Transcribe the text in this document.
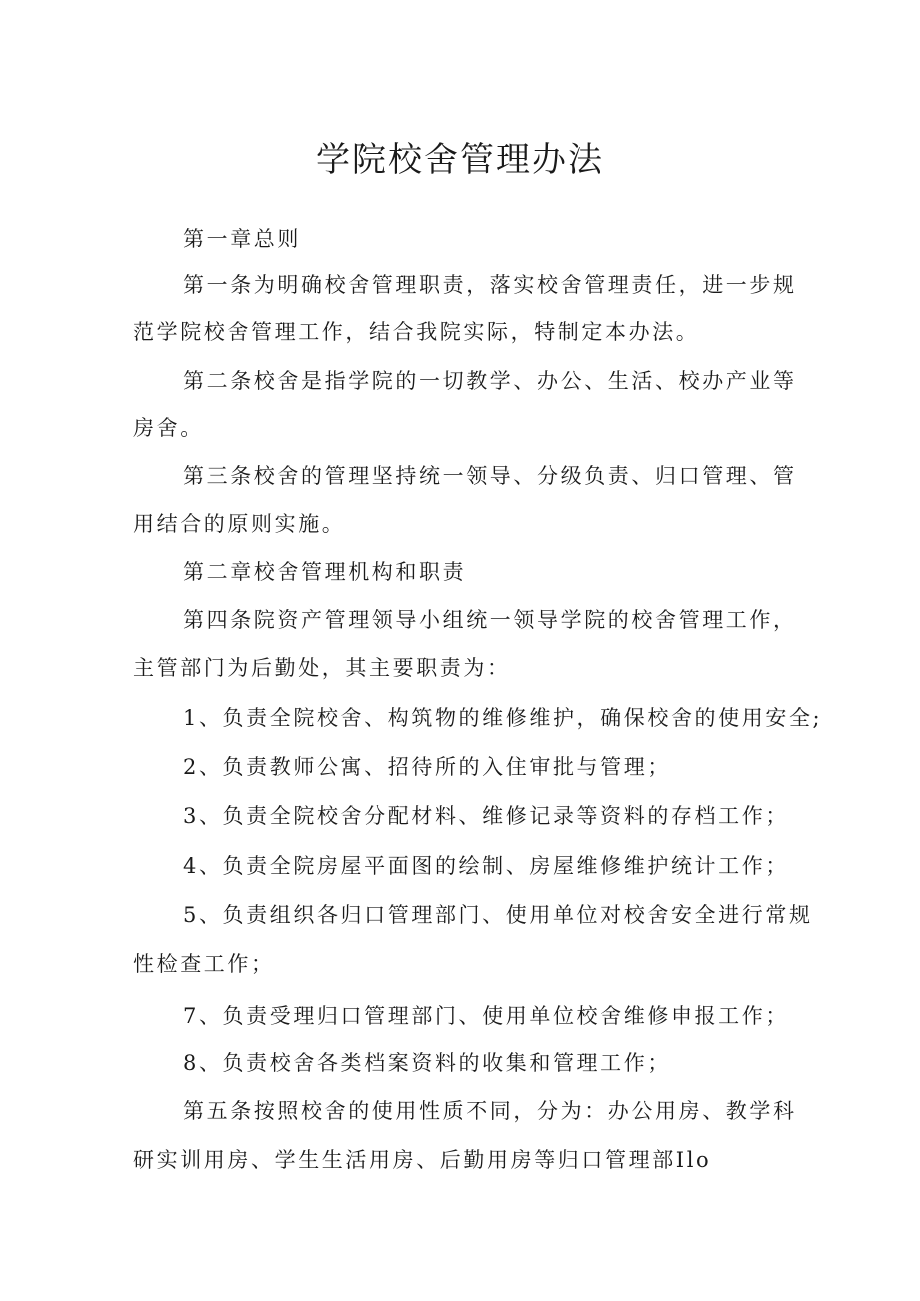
学院校舍管理办法
第一章总则
第一条为明确校舍管理职责，落实校舍管理责任，进一步规
范学院校舍管理工作，结合我院实际，特制定本办法。
第二条校舍是指学院的一切教学、办公、生活、校办产业等
房舍。
第三条校舍的管理坚持统一领导、分级负责、归口管理、管
用结合的原则实施。
第二章校舍管理机构和职责
第四条院资产管理领导小组统一领导学院的校舍管理工作，
主管部门为后勤处，其主要职责为：
1、负责全院校舍、构筑物的维修维护，确保校舍的使用安全;
2、负责教师公寓、招待所的入住审批与管理；
3、负责全院校舍分配材料、维修记录等资料的存档工作；
4、负责全院房屋平面图的绘制、房屋维修维护统计工作；
5、负责组织各归口管理部门、使用单位对校舍安全进行常规
性检查工作；
7、负责受理归口管理部门、使用单位校舍维修申报工作；
8、负责校舍各类档案资料的收集和管理工作；
第五条按照校舍的使用性质不同，分为：办公用房、教学科
研实训用房、学生生活用房、后勤用房等归口管理部Ilo
